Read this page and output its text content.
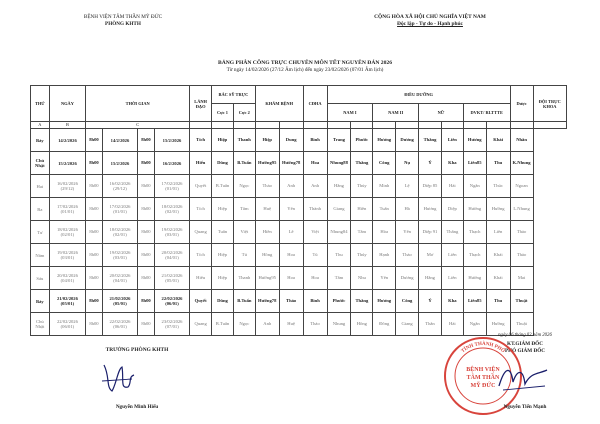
BỆNH VIỆN TÂM THẦN MỸ ĐỨC
PHÒNG KHTH
CỘNG HÒA XÃ HỘI CHỦ NGHĨA VIỆT NAM
Độc lập - Tự do - Hạnh phúc
BẢNG PHÂN CÔNG TRỰC CHUYÊN MÔN TẾT NGUYÊN ĐÁN 2026
Từ ngày 14/02/2026 (27/12 Âm lịch) đến ngày 23/02/2026 (07/01 Âm lịch)
THỨ	NGÀY	THỜI GIAN				LÃNH ĐẠO	BÁC SỸ TRỰC		KHÁM BỆNH		CĐHA	ĐIỀU DƯỠNG								Dược	ĐỘI TRỰC KHOA
							Cực 1	Cực 2				NAM I		NAM II		NỮ		DVKT/ RLTTTE			
A	B	C																			
Bảy	14/2/2026	8h00	14/2/2026	8h00	15/2/2026	Tích	Hiệp	Thanh	Hiệp	Dung	Bình	Trang	Phước	Hương	Dương	Thắng	Liên	Hương	Khải	Nhân	
Chủ Nhật	15/2/2026	8h00	15/2/2026	8h00	16/2/2026	Hiếu	Dũng	B.Tuấn	Hường95	Hường78	Hoa	Nhung88	Thắng	Công	Nụ	Ý	Kha	Liên85	Thu	K.Nhung	
Hai	16/02/2026 (29/12)	8h00	16/02/2026 (29/12)	8h00	17/02/2026 (01/01)	Quyết	B.Tuấn	Ngọc	Thảo	Anh	Anh	Hằng	Thủy	Minh	Lệ	Diệp 85	Hải	Ngân	Thúc	Ngoan	
Ba	17/02/2026 (01/01)	8h00	17/02/2026 (01/01)	8h00	18/02/2026 (02/01)	Tích	Hiệp	Tâm	Huệ	Yến	Thành	Giang	Hiền	Tuấn	Hà	Hương	Diệp	Hường	Hường	L.Nhung	
Tư	18/02/2026 (02/01)	8h00	18/02/2026 (02/01)	8h00	19/02/2026 (03/01)	Quang	Tuấn	Việt	Hiền	Lê	Việt	Nhung84	Tâm	Hòa	Yến	Diệp 91	Thắng	Thạch	Liên	Thảo	
Năm	19/02/2026 (03/01)	8h00	19/02/2026 (03/01)	8h00	20/02/2026 (04/01)	Tích	Hiệp	Tú	Hồng	Hoa	Tú	Thu	Thúy	Hạnh	Thảo	Mơ	Liên	Thạch	Khải	Thảo	
Sáu	20/02/2026 (04/01)	8h00	20/02/2026 (04/01)	8h00	21/02/2026 (05/01)	Hiếu	Hiệp	Thanh	Hường95	Hoa	Hoa	Tâm	Nhu	Yến	Dương	Hằng	Liên	Hường	Khải	Mai	
Bảy	21/02/2026 (05/01)	8h00	21/02/2026 (05/01)	8h00	22/02/2026 (06/01)	Quyết	Dũng	B.Tuấn	Hường78	Thảo	Bình	Phước	Thắng	Hương	Công	Ý	Kha	Liên85	Thu	Thuật	
Chủ Nhật	22/02/2026 (06/01)	8h00	22/02/2026 (06/01)	8h00	23/02/2026 (07/01)	Quang	B.Tuấn	Ngọc	Anh	Huệ	Thảo	Nhung	Hồng	Đông	Giang	Thân	Hải	Ngân	Hường	Thuật	
TRƯỞNG PHÒNG KHTH
Nguyễn Minh Hiếu
ngày 06 tháng 02 năm 2026
KT.GIÁM ĐỐC
PHÓ GIÁM ĐỐC
TỈNH THÀNH PHỐ
BỆNH VIỆN
TÂM THẦN
MỸ ĐỨC
Nguyễn Tiến Mạnh
